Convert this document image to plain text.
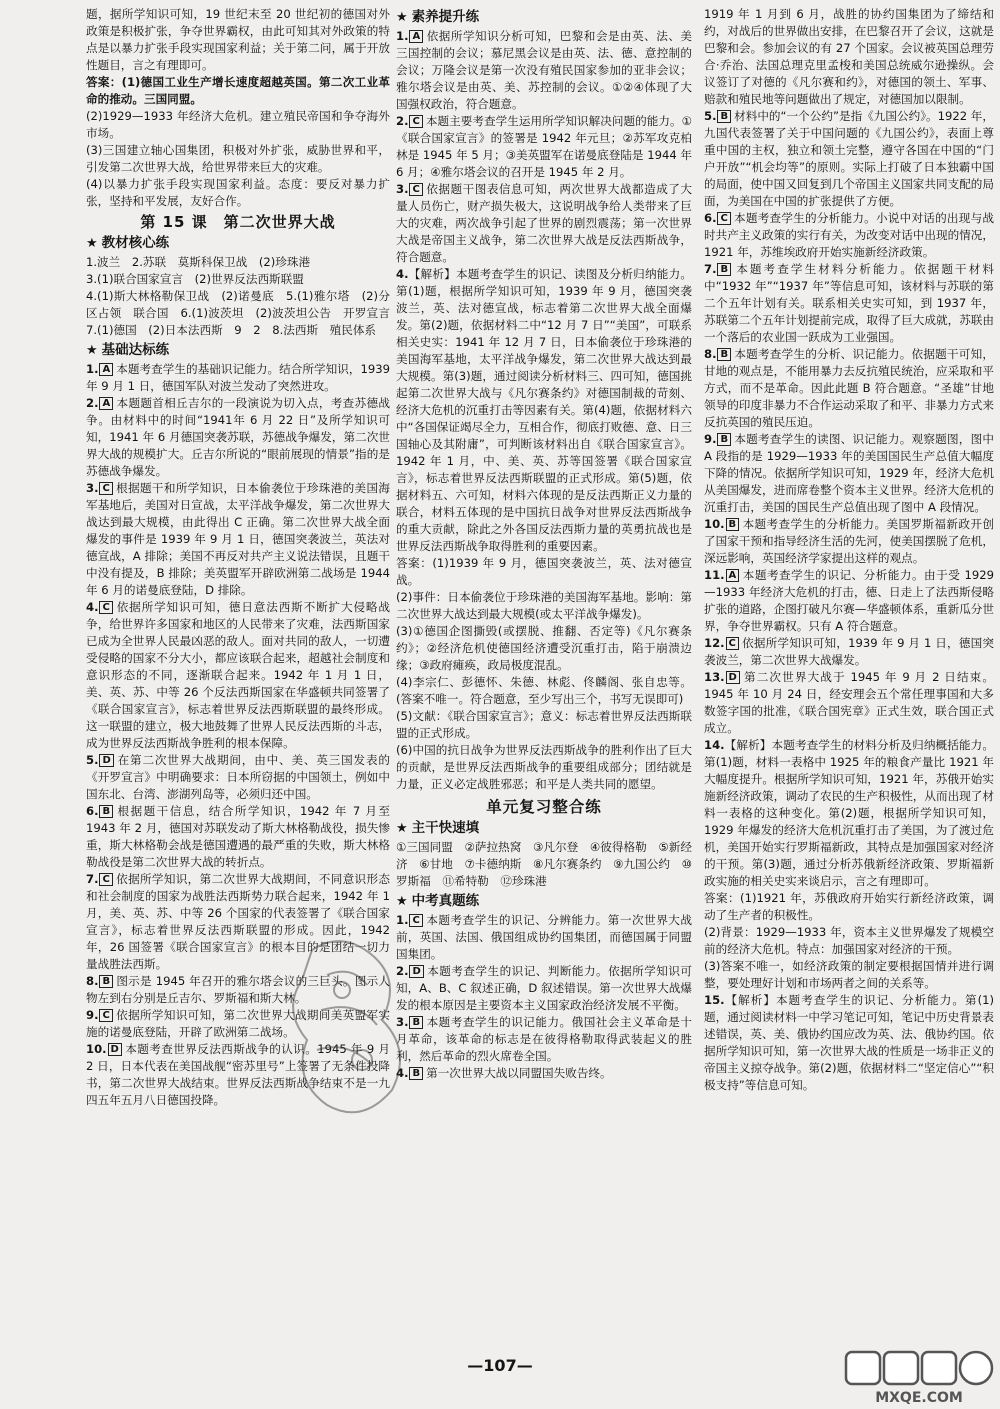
题，据所学知识可知，19 世纪末至 20 世纪初的德国对外政策是积极扩张，争夺世界霸权，由此可知其对外政策的特点是以暴力扩张手段实现国家利益；关于第二问，属于开放性题目，言之有理即可。

答案：(1)德国工业生产增长速度超越英国。第二次工业革命的推动。三国同盟。

(2)1929—1933 年经济大危机。建立殖民帝国和争夺海外市场。

(3)三国建立轴心国集团，积极对外扩张，威胁世界和平，引发第二次世界大战，给世界带来巨大的灾难。

(4)以暴力扩张手段实现国家利益。态度：要反对暴力扩张，坚持和平发展，友好合作。

第 15 课　第二次世界大战
★ 教材核心练

1.波兰　2.苏联　莫斯科保卫战　(2)珍珠港

3.(1)联合国家宣言　(2)世界反法西斯联盟

4.(1)斯大林格勒保卫战　(2)诺曼底　5.(1)雅尔塔　(2)分区占领　联合国　6.(1)波茨坦　(2)波茨坦公告　开罗宣言　7.(1)德国　(2)日本法西斯　9　2　8.法西斯　殖民体系

★ 基础达标练

1. A 本题考查学生的基础识记能力。结合所学知识，1939 年 9 月 1 日，德国军队对波兰发动了突然进攻。

2. A 本题题首相丘吉尔的一段演说为切入点，考查苏德战争。由材料中的时间“1941年 6 月 22 日”及所学知识可知，1941 年 6 月德国突袭苏联，苏德战争爆发，第二次世界大战的规模扩大。丘吉尔所说的“眼前展现的情景”指的是苏德战争爆发。

3. C 根据题干和所学知识，日本偷袭位于珍珠港的美国海军基地后，美国对日宣战，太平洋战争爆发，第二次世界大战达到最大规模，由此得出 C 正确。第二次世界大战全面爆发的事件是 1939 年 9 月 1 日，德国突袭波兰，英法对德宣战，A 排除；美国不再反对共产主义说法错误，且题干中没有提及，B 排除；美英盟军开辟欧洲第二战场是 1944 年 6 月的诺曼底登陆，D 排除。

4. C 依据所学知识可知，德日意法西斯不断扩大侵略战争，给世界许多国家和地区的人民带来了灾难，法西斯国家已成为全世界人民最凶恶的敌人。面对共同的敌人，一切遭受侵略的国家不分大小，都应该联合起来，超越社会制度和意识形态的不同，逐渐联合起来。1942 年 1 月 1 日，美、英、苏、中等 26 个反法西斯国家在华盛顿共同签署了《联合国家宣言》，标志着世界反法西斯联盟的最终形成。这一联盟的建立，极大地鼓舞了世界人民反法西斯的斗志，成为世界反法西斯战争胜利的根本保障。

5. D 在第二次世界大战期间，由中、美、英三国发表的《开罗宣言》中明确要求：日本所窃据的中国领土，例如中国东北、台湾、澎湖列岛等，必须归还中国。

6. B 根据题干信息，结合所学知识，1942 年 7 月至 1943 年 2 月，德国对苏联发动了斯大林格勒战役，损失惨重，斯大林格勒会战是德国遭遇的最严重的失败，斯大林格勒战役是第二次世界大战的转折点。

7. C 依据所学知识，第二次世界大战期间，不同意识形态和社会制度的国家为战胜法西斯势力联合起来，1942 年 1 月，美、英、苏、中等 26 个国家的代表签署了《联合国家宣言》，标志着世界反法西斯联盟的形成。因此，1942 年，26 国签署《联合国家宣言》的根本目的是团结一切力量战胜法西斯。

8. B 图示是 1945 年召开的雅尔塔会议的三巨头。图示人物左到右分别是丘吉尔、罗斯福和斯大林。

9. C 依据所学知识可知，第二次世界大战期间美英盟军实施的诺曼底登陆，开辟了欧洲第二战场。

10. D 本题考查世界反法西斯战争的认识。1945 年 9 月 2 日，日本代表在美国战舰“密苏里号”上签署了无条件投降书，第二次世界大战结束。世界反法西斯战争结束不是一九四五年五月八日德国投降。

★ 素养提升练

1. A 依据所学知识分析可知，巴黎和会是由英、法、美三国控制的会议；慕尼黑会议是由英、法、德、意控制的会议；万隆会议是第一次没有殖民国家参加的亚非会议；雅尔塔会议是由英、美、苏控制的会议。①②④体现了大国强权政治，符合题意。

2. C 本题主要考查学生运用所学知识解决问题的能力。①《联合国家宣言》的签署是 1942 年元旦；②苏军攻克柏林是 1945 年 5 月；③美英盟军在诺曼底登陆是 1944 年 6 月；④雅尔塔会议的召开是 1945 年 2 月。

3. C 依据题干图表信息可知，两次世界大战都造成了大量人员伤亡，财产损失极大，这说明战争给人类带来了巨大的灾难，两次战争引起了世界的剧烈震荡；第一次世界大战是帝国主义战争，第二次世界大战是反法西斯战争，符合题意。

4.【解析】本题考查学生的识记、读图及分析归纳能力。第(1)题，根据所学知识可知，1939 年 9 月，德国突袭波兰，英、法对德宣战，标志着第二次世界大战全面爆发。第(2)题，依据材料二中“12 月 7 日”“美国”，可联系相关史实：1941 年 12 月 7 日，日本偷袭位于珍珠港的美国海军基地，太平洋战争爆发，第二次世界大战达到最大规模。第(3)题，通过阅读分析材料三、四可知，德国挑起第二次世界大战与《凡尔赛条约》对德国制裁的苛刻、经济大危机的沉重打击等因素有关。第(4)题，依据材料六中“各国保证竭尽全力，互相合作，彻底打败德、意、日三国轴心及其附庸”，可判断该材料出自《联合国家宣言》。1942 年 1 月，中、美、英、苏等国签署《联合国家宣言》，标志着世界反法西斯联盟的正式形成。第(5)题，依据材料五、六可知，材料六体现的是反法西斯正义力量的联合，材料五体现的是中国抗日战争对世界反法西斯战争的重大贡献，除此之外各国反法西斯力量的英勇抗战也是世界反法西斯战争取得胜利的重要因素。

答案：(1)1939 年 9 月，德国突袭波兰，英、法对德宣战。

(2)事件：日本偷袭位于珍珠港的美国海军基地。影响：第二次世界大战达到最大规模(或太平洋战争爆发)。

(3)①德国企图撕毁(或摆脱、推翻、否定等)《凡尔赛条约》；②经济危机使德国经济遭受沉重打击，陷于崩溃边缘；③政府瘫痪，政局极度混乱。

(4)李宗仁、彭德怀、朱德、林彪、佟麟阁、张自忠等。(答案不唯一。符合题意，至少写出三个，书写无误即可)

(5)文献：《联合国家宣言》；意义：标志着世界反法西斯联盟的正式形成。

(6)中国的抗日战争为世界反法西斯战争的胜利作出了巨大的贡献，是世界反法西斯战争的重要组成部分；团结就是力量，正义必定战胜邪恶；和平是人类共同的愿望。

单元复习整合练
★ 主干快速填

①三国同盟　②萨拉热窝　③凡尔登　④彼得格勒　⑤新经济　⑥甘地　⑦卡德纳斯　⑧凡尔赛条约　⑨九国公约　⑩罗斯福　⑪希特勒　⑫珍珠港

★ 中考真题练

1. C 本题考查学生的识记、分辨能力。第一次世界大战前，英国、法国、俄国组成协约国集团，而德国属于同盟国集团。

2. D 本题考查学生的识记、判断能力。依据所学知识可知，A、B、C 叙述正确，D 叙述错误。第一次世界大战爆发的根本原因是主要资本主义国家政治经济发展不平衡。

3. B 本题考查学生的识记能力。俄国社会主义革命是十月革命，该革命的标志是在彼得格勒取得武装起义的胜利，然后革命的烈火席卷全国。

4. B 第一次世界大战以同盟国失败告终。

1919 年 1 月到 6 月，战胜的协约国集团为了缔结和约，对战后的世界做出安排，在巴黎召开了会议，这就是巴黎和会。参加会议的有 27 个国家。会议被英国总理劳合·乔治、法国总理克里孟梭和美国总统威尔逊操纵。会议签订了对德的《凡尔赛和约》，对德国的领土、军事、赔款和殖民地等问题做出了规定，对德国加以限制。

5. B 材料中的“一个公约”是指《九国公约》。1922 年，九国代表签署了关于中国问题的《九国公约》，表面上尊重中国的主权，独立和领土完整，遵守各国在中国的“门户开放”“机会均等”的原则。实际上打破了日本独霸中国的局面，使中国又回复到几个帝国主义国家共同支配的局面，为美国在中国的扩张提供了方便。

6. C 本题考查学生的分析能力。小说中对话的出现与战时共产主义政策的实行有关，为改变对话中出现的情况，1921 年，苏维埃政府开始实施新经济政策。

7. B 本题考查学生材料分析能力。依据题干材料中“1932 年”“1937 年”等信息可知，该材料与苏联的第二个五年计划有关。联系相关史实可知，到 1937 年，苏联第二个五年计划提前完成，取得了巨大成就，苏联由一个落后的农业国一跃成为工业强国。

8. B 本题考查学生的分析、识记能力。依据题干可知，甘地的观点是，不能用暴力去反抗殖民统治，应采取和平方式，而不是革命。因此此题 B 符合题意。“圣雄”甘地领导的印度非暴力不合作运动采取了和平、非暴力方式来反抗英国的殖民压迫。

9. B 本题考查学生的读图、识记能力。观察题图，图中 A 段指的是 1929—1933 年的美国国民生产总值大幅度下降的情况。依据所学知识可知，1929 年，经济大危机从美国爆发，进而席卷整个资本主义世界。经济大危机的沉重打击，美国的国民生产总值出现了图中 A 段情况。

10. B 本题考查学生的分析能力。美国罗斯福新政开创了国家干预和指导经济生活的先河，使美国摆脱了危机，深远影响，英国经济学家提出这样的观点。

11. A 本题考查学生的识记、分析能力。由于受 1929—1933 年经济大危机的打击，德、日走上了法西斯侵略扩张的道路，企图打破凡尔赛—华盛顿体系，重新瓜分世界，争夺世界霸权。只有 A 符合题意。

12. C 依据所学知识可知，1939 年 9 月 1 日，德国突袭波兰，第二次世界大战爆发。

13. D 第二次世界大战于 1945 年 9 月 2 日结束。1945 年 10 月 24 日，经安理会五个常任理事国和大多数签字国的批准，《联合国宪章》正式生效，联合国正式成立。

14.【解析】本题考查学生的材料分析及归纳概括能力。第(1)题，材料一表格中 1925 年的粮食产量比 1921 年大幅度提升。根据所学知识可知，1921 年，苏俄开始实施新经济政策，调动了农民的生产积极性，从而出现了材料一表格的这种变化。第(2)题，根据所学知识可知，1929 年爆发的经济大危机沉重打击了美国，为了渡过危机，美国开始实行罗斯福新政，其特点是加强国家对经济的干预。第(3)题，通过分析苏俄新经济政策、罗斯福新政实施的相关史实来谈启示，言之有理即可。

答案：(1)1921 年，苏俄政府开始实行新经济政策，调动了生产者的积极性。

(2)背景：1929—1933 年，资本主义世界爆发了规模空前的经济大危机。特点：加强国家对经济的干预。

(3)答案不唯一，如经济政策的制定要根据国情并进行调整，要处理好计划和市场两者之间的关系等。

15.【解析】本题考查学生的识记、分析能力。第(1)题，通过阅读材料一中学习笔记可知，笔记中历史背景表述错误，英、美、俄协约国应改为英、法、俄协约国。依据所学知识可知，第一次世界大战的性质是一场非正义的帝国主义掠夺战争。第(2)题，依据材料二“坚定信心”“积极支持”等信息可知。

MXQE.COM
—107—
